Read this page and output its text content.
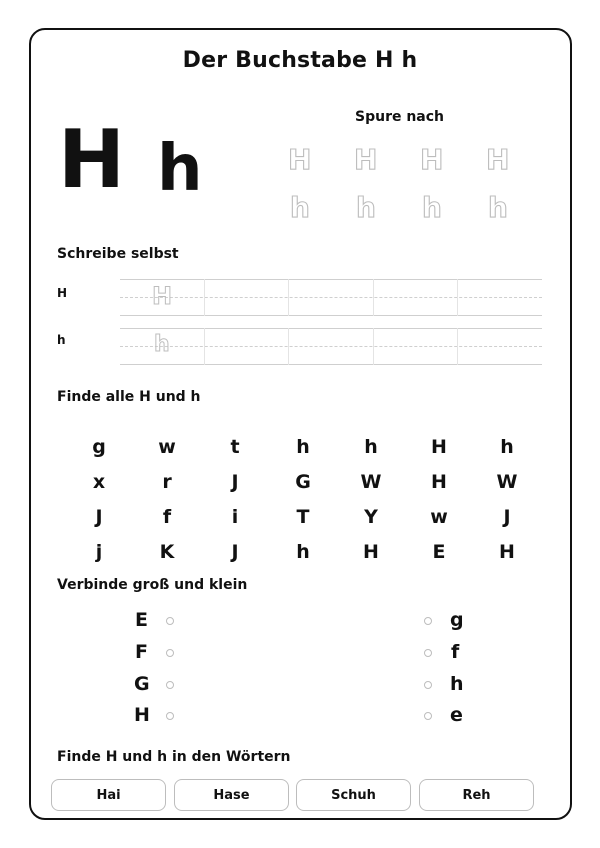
Der Buchstabe H h
H h
Spure nach
H H H H
h h h h
Schreibe selbst
H	H
h	h
Finde alle H und h
g	w	t	h	h	H	h
x	r	J	G	W	H	W
J	f	i	T	Y	w	J
j	K	J	h	H	E	H
Verbinde groß und klein
E
F
G
H
g
f
h
e
Finde H und h in den Wörtern
Hai	Hase	Schuh	Reh
